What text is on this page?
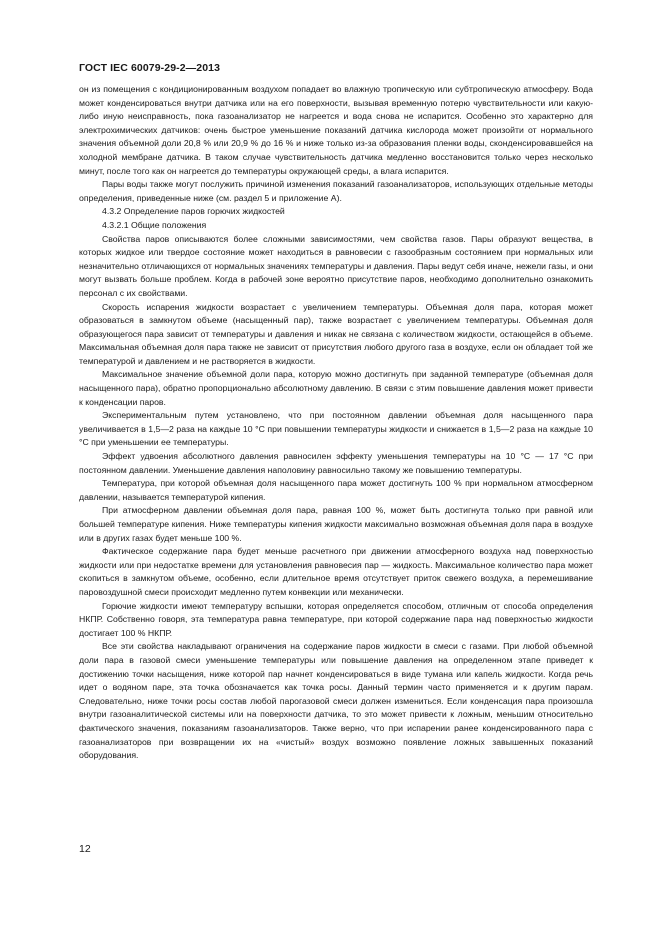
ГОСТ IEC 60079-29-2—2013

он из помещения с кондиционированным воздухом попадает во влажную тропическую или субтропическую атмосферу. Вода может конденсироваться внутри датчика или на его поверхности, вызывая временную потерю чувствительности или какую-либо иную неисправность, пока газоанализатор не нагреется и вода снова не испарится. Особенно это характерно для электрохимических датчиков: очень быстрое уменьшение показаний датчика кислорода может произойти от нормального значения объемной доли 20,8 % или 20,9 % до 16 % и ниже только из-за образования пленки воды, сконденсировавшейся на холодной мембране датчика. В таком случае чувствительность датчика медленно восстановится только через несколько минут, после того как он нагреется до температуры окружающей среды, а влага испарится.

Пары воды также могут послужить причиной изменения показаний газоанализаторов, использующих отдельные методы определения, приведенные ниже (см. раздел 5 и приложение А).

4.3.2 Определение паров горючих жидкостей

4.3.2.1 Общие положения

Свойства паров описываются более сложными зависимостями, чем свойства газов. Пары образуют вещества, в которых жидкое или твердое состояние может находиться в равновесии с газообразным состоянием при нормальных или незначительно отличающихся от нормальных значениях температуры и давления. Пары ведут себя иначе, нежели газы, и они могут вызвать больше проблем. Когда в рабочей зоне вероятно присутствие паров, необходимо дополнительно ознакомить персонал с их свойствами.

Скорость испарения жидкости возрастает с увеличением температуры. Объемная доля пара, которая может образоваться в замкнутом объеме (насыщенный пар), также возрастает с увеличением температуры. Объемная доля образующегося пара зависит от температуры и давления и никак не связана с количеством жидкости, остающейся в объеме. Максимальная объемная доля пара также не зависит от присутствия любого другого газа в воздухе, если он обладает той же температурой и давлением и не растворяется в жидкости.

Максимальное значение объемной доли пара, которую можно достигнуть при заданной температуре (объемная доля насыщенного пара), обратно пропорционально абсолютному давлению. В связи с этим повышение давления может привести к конденсации паров.

Экспериментальным путем установлено, что при постоянном давлении объемная доля насыщенного пара увеличивается в 1,5—2 раза на каждые 10 °С при повышении температуры жидкости и снижается в 1,5—2 раза на каждые 10 °С при уменьшении ее температуры.

Эффект удвоения абсолютного давления равносилен эффекту уменьшения температуры на 10 °С — 17 °С при постоянном давлении. Уменьшение давления наполовину равносильно такому же повышению температуры.

Температура, при которой объемная доля насыщенного пара может достигнуть 100 % при нормальном атмосферном давлении, называется температурой кипения.

При атмосферном давлении объемная доля пара, равная 100 %, может быть достигнута только при равной или большей температуре кипения. Ниже температуры кипения жидкости максимально возможная объемная доля пара в воздухе или в других газах будет меньше 100 %.

Фактическое содержание пара будет меньше расчетного при движении атмосферного воздуха над поверхностью жидкости или при недостатке времени для установления равновесия пар — жидкость. Максимальное количество пара может скопиться в замкнутом объеме, особенно, если длительное время отсутствует приток свежего воздуха, а перемешивание паровоздушной смеси происходит медленно путем конвекции или механически.

Горючие жидкости имеют температуру вспышки, которая определяется способом, отличным от способа определения НКПР. Собственно говоря, эта температура равна температуре, при которой содержание пара над поверхностью жидкости достигает 100 % НКПР.

Все эти свойства накладывают ограничения на содержание паров жидкости в смеси с газами. При любой объемной доли пара в газовой смеси уменьшение температуры или повышение давления на определенном этапе приведет к достижению точки насыщения, ниже которой пар начнет конденсироваться в виде тумана или капель жидкости. Когда речь идет о водяном паре, эта точка обозначается как точка росы. Данный термин часто применяется и к другим парам. Следовательно, ниже точки росы состав любой парогазовой смеси должен измениться. Если конденсация пара произошла внутри газоаналитической системы или на поверхности датчика, то это может привести к ложным, меньшим относительно фактического значения, показаниям газоанализаторов. Также верно, что при испарении ранее конденсированного пара с газоанализаторов при возвращении их на «чистый» воздух возможно появление ложных завышенных показаний оборудования.

12
